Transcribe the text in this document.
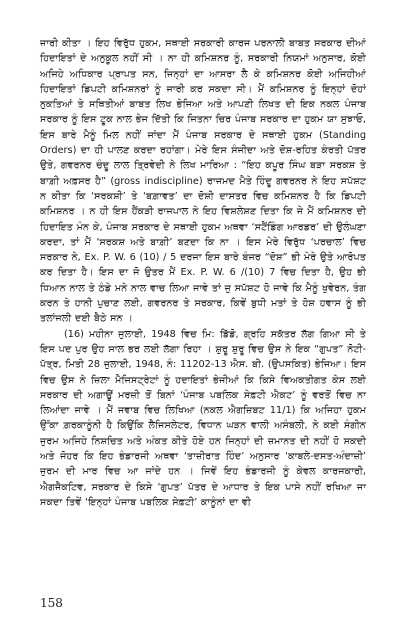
ਜਾਰੀ ਕੀਤਾ । ਇਹ ਵਿਰੁੱਧ ਹੁਕਮ, ਸਥਾਈ ਸਰਕਾਰੀ ਕਾਰਜ ਪਰਨਾਲੀ ਬਾਬਤ ਸਰਕਾਰ ਦੀਆਂ ਹਿਦਾਇਤਾਂ ਦੇ ਅਨੁਕੂਲ ਨਹੀਂ ਸੀ । ਨਾ ਹੀ ਕਮਿਸ਼ਨਰ ਨੂੰ, ਸਰਕਾਰੀ ਨਿਯਮਾਂ ਅਨੁਸਾਰ, ਕੋਈ ਅਜਿਹੇ ਅਧਿਕਾਰ ਪ੍ਰਾਪਤ ਸਨ, ਜਿਨ੍ਹਾਂ ਦਾ ਆਸਰਾ ਲੈ ਕੇ ਕਮਿਸ਼ਨਰ ਕੋਈ ਅਜਿਹੀਆਂ ਹਿਦਾਇਤਾਂ ਡਿਪਟੀ ਕਮਿਸ਼ਨਰਾਂ ਨੂੰ ਜਾਰੀ ਕਰ ਸਕਦਾ ਸੀ। ਮੈਂ ਕਮਿਸ਼ਨਰ ਨੂੰ ਇਨ੍ਹਾਂ ਦੋਹਾਂ ਨੁਕਤਿਆਂ ਤੇ ਸਥਿਤੀਆਂ ਬਾਬਤ ਲਿਖ ਭੇਜਿਆ ਅਤੇ ਆਪਣੀ ਲਿਖਤ ਦੀ ਇਕ ਨਕਲ ਪੰਜਾਬ ਸਰਕਾਰ ਨੂੰ ਇਸ ਟੂਕ ਨਾਲ ਭੇਜ ਦਿੱਤੀ ਕਿ ਜਿਤਨਾ ਚਿਰ ਪੰਜਾਬ ਸਰਕਾਰ ਦਾ ਹੁਕਮ ਯਾ ਸੁਝਾਓ, ਇਸ ਬਾਰੇ ਮੈਨੂੰ ਮਿਲ ਨਹੀਂ ਜਾਂਦਾ ਮੈਂ ਪੰਜਾਬ ਸਰਕਾਰ ਦੇ ਸਥਾਈ ਹੁਕਮ (Standing Orders) ਦਾ ਹੀ ਪਾਲਣ ਕਰਦਾ ਰਹਾਂਗਾ। ਮੇਰੇ ਇਸ ਸੰਜੀਦਾ ਅਤੇ ਦੋਸ਼-ਰਹਿਤ ਕੰਰਤੀ ਪੱਤਰ ਉਤੇ, ਗਵਰਨਰ ਚੰਦੂ ਲਾਲ ਤ੍ਰਿਵੇਦੀ ਨੇ ਲਿਖ ਮਾਰਿਆ : “ਇਹ ਕਪੂਰ ਸਿੰਘ ਬੜਾ ਸਰਕਸ਼ ਤੇ ਬਾਗ਼ੀ ਅਫ਼ਸਰ ਹੈ” (gross indiscipline) ਰਾਜਮਦ ਮੈਤੇ ਹਿੰਦੂ ਗਵਰਨਰ ਨੇ ਇਹ ਸਪੱਸ਼ਟ ਨ ਕੀਤਾ ਕਿ ‘ਸਰਕਸ਼ੀ’ ਤੇ ‘ਬਗ਼ਾਵਤ’ ਦਾ ਦੋਸ਼ੀ ਦਾਸਤਰ ਵਿਚ ਕਮਿਸ਼ਨਰ ਹੈ ਕਿ ਡਿਪਟੀ ਕਮਿਸ਼ਨਰ । ਨ ਹੀ ਇਸ ਹੈਂਕੜੀ ਰਾਜਪਾਲ ਨੇ ਇਹ ਵਿਸ਼ਲੇਸ਼ਣ ਦਿਤਾ ਕਿ ਜੇ ਮੈਂ ਕਮਿਸ਼ਨਰ ਦੀ ਹਿਦਾਇਤ ਮੰਨ ਕੇ, ਪੰਜਾਬ ਸਰਕਾਰ ਦੇ ਸਥਾਈ ਹੁਕਮ ਅਥਵਾ ‘ਸਟੈਂਡਿੰਗ ਆਰਡਰ’ ਦੀ ਉਲੰਘਣਾ ਕਰਦਾ, ਤਾਂ ਮੈਂ ‘ਸਰਕਸ਼ ਅਤੇ ਬਾਗ਼ੀ’ ਬਣਦਾ ਕਿ ਨਾ । ਇਸ ਮੇਰੇ ਵਿਰੁੱਧ ‘ਪਰਚਾਲ’ ਵਿਚ ਸਰਕਾਰ ਨੇ, Ex. P. W. 6 (10) / 5 ਦਰਜਾ ਇਸ ਬਾਰੇ ਬੰਜਰ “ਦੋਸ਼” ਭੀ ਮੇਰੇ ਉਤੇ ਆਰੋਪਤ ਕਰ ਦਿਤਾ ਹੈ। ਇਸ ਦਾ ਜੋ ਉਤਰ ਮੈਂ Ex. P. W. 6 /(10) 7 ਵਿਚ ਦਿਤਾ ਹੈ, ਉਹ ਭੀ ਧਿਆਨ ਨਾਲ ਤੇ ਠੰਡੇ ਮਨੇ ਨਾਲ ਵਾਚ ਲਿਆ ਜਾਵੇ ਤਾਂ ਜੁ ਸਪੱਸ਼ਟ ਹੋ ਜਾਵੇ ਕਿ ਮੈਨੂੰ ਖੁਵੇਰਨ, ਤੰਗ ਕਰਨ ਤੇ ਹਾਨੀ ਪੁਚਾਣ ਲਈ, ਗਵਰਨਰ ਤੇ ਸਰਕਾਰ, ਕਿਵੇਂ ਬੁਧੀ ਮਤਾਂ ਤੇ ਹੋਸ਼ ਹਵਾਸ ਨੂੰ ਭੀ ਤਲਾਂਜਲੀ ਦਈ ਬੈਠੇ ਸਨ ।

(16) ਮਹੀਨਾ ਜੁਲਾਈ, 1948 ਵਿਚ ਮਿ: ਡਿੱਡੋ, ਗ੍ਰਹਿ ਸਕੱਤਰ ਲੱਗ ਗਿਆ ਸੀ ਤੇ ਇਸ ਪਦ ਪੁਰ ਉਹ ਸਾਲ ਭਰ ਲਈ ਲੱਗਾ ਰਿਹਾ । ਸ਼ੁਰੂ ਸ਼ੁਰੂ ਵਿਚ ਉਸ ਨੇ ਇਕ “ਗੁਪਤ” ਨੋਟੀ-ਪੱਤ੍ਰ, ਮਿਤੀ 28 ਜੁਲਾਈ, 1948, ਨੰ: 11202-13 ਐਸ. ਬੀ. (ਉਪਸਕਿਤ) ਭੇਜਿਆ। ਇਸ ਵਿਚ ਉਸ ਨੇ ਜ਼ਿਲਾ ਮੈਜਿਸਟ੍ਰੇਟਾਂ ਨੂੰ ਹਦਾਇਤਾਂ ਭੇਜੀਆਂ ਕਿ ਕਿਸੇ ਵਿਅਕਤੀਗਤ ਕੇਸ ਲਈ ਸਰਕਾਰ ਦੀ ਅਗਾਊਂ ਮਰਜ਼ੀ ਤੋਂ ਬਿਨਾਂ ‘ਪੰਜਾਬ ਪਬਲਿਕ ਸੇਫ਼ਟੀ ਐਕਟ’ ਨੂੰ ਵਰਤੋਂ ਵਿਚ ਨਾ ਲਿਆਂਦਾ ਜਾਵੇ । ਮੈਂ ਜਵਾਬ ਵਿਚ ਲਿਖਿਆ (ਨਕਲ ਐਗਜ਼ਿਬਟ 11/1) ਕਿ ਅਜਿਹਾ ਹੁਕਮ ਉੱਕਾ ਗ਼ਰਕਾਨੂੰਨੀ ਹੈ ਕਿਉਂਕਿ ਲੈਜਿਸਲੇਟਰ, ਵਿਧਾਨ ਘੜਨ ਵਾਲੀ ਅਸੰਬਲੀ, ਨੇ ਕਈ ਸੰਗੀਨ ਜੁਰਮ ਅਜਿਹੇ ਨਿਸ਼ਚਿਤ ਅਤੇ ਅੰਕਤ ਕੀਤੇ ਹੋਏ ਹਨ ਜਿਨ੍ਹਾਂ ਦੀ ਜ਼ਮਾਨਤ ਦੀ ਨਹੀਂ ਹੋ ਸਕਦੀ ਅਤੇ ਜੋਹਰ ਕਿ ਇਹ ਭੰਡਾਰਜੀ ਅਥਵਾ ‘ਤਾਜ਼ੀਰਾਤ ਹਿੰਦ’ ਅਨੁਸਾਰ ‘ਕਾਬਲੇ-ਦਸਤ-ਅੰਦਾਜ਼ੀ’ ਜੁਰਮ ਦੀ ਮਾਰ ਵਿਚ ਆ ਜਾਂਦੇ ਹਨ । ਜਿਵੇਂ ਇਹ ਭੰਡਾਰਜੀ ਨੂੰ ਕੇਵਲ ਕਾਰਜਕਾਰੀ, ਐਗਜੈਕਟਿਵ, ਸਰਕਾਰ ਦੇ ਕਿਸੇ ‘ਗੁਪਤ’ ਪੱਤਰ ਦੇ ਆਧਾਰ ਤੇ ਇਕ ਪਾਸੇ ਨਹੀਂ ਰਖਿਆ ਜਾ ਸਕਦਾ ਤਿਵੇਂ ‘ਇਨ੍ਹਾਂ ਪੰਜਾਬ ਪਬਲਿਕ ਸੇਫ਼ਟੀ’ ਕਾਨੂੰਨਾਂ ਦਾ ਵੀ

158
